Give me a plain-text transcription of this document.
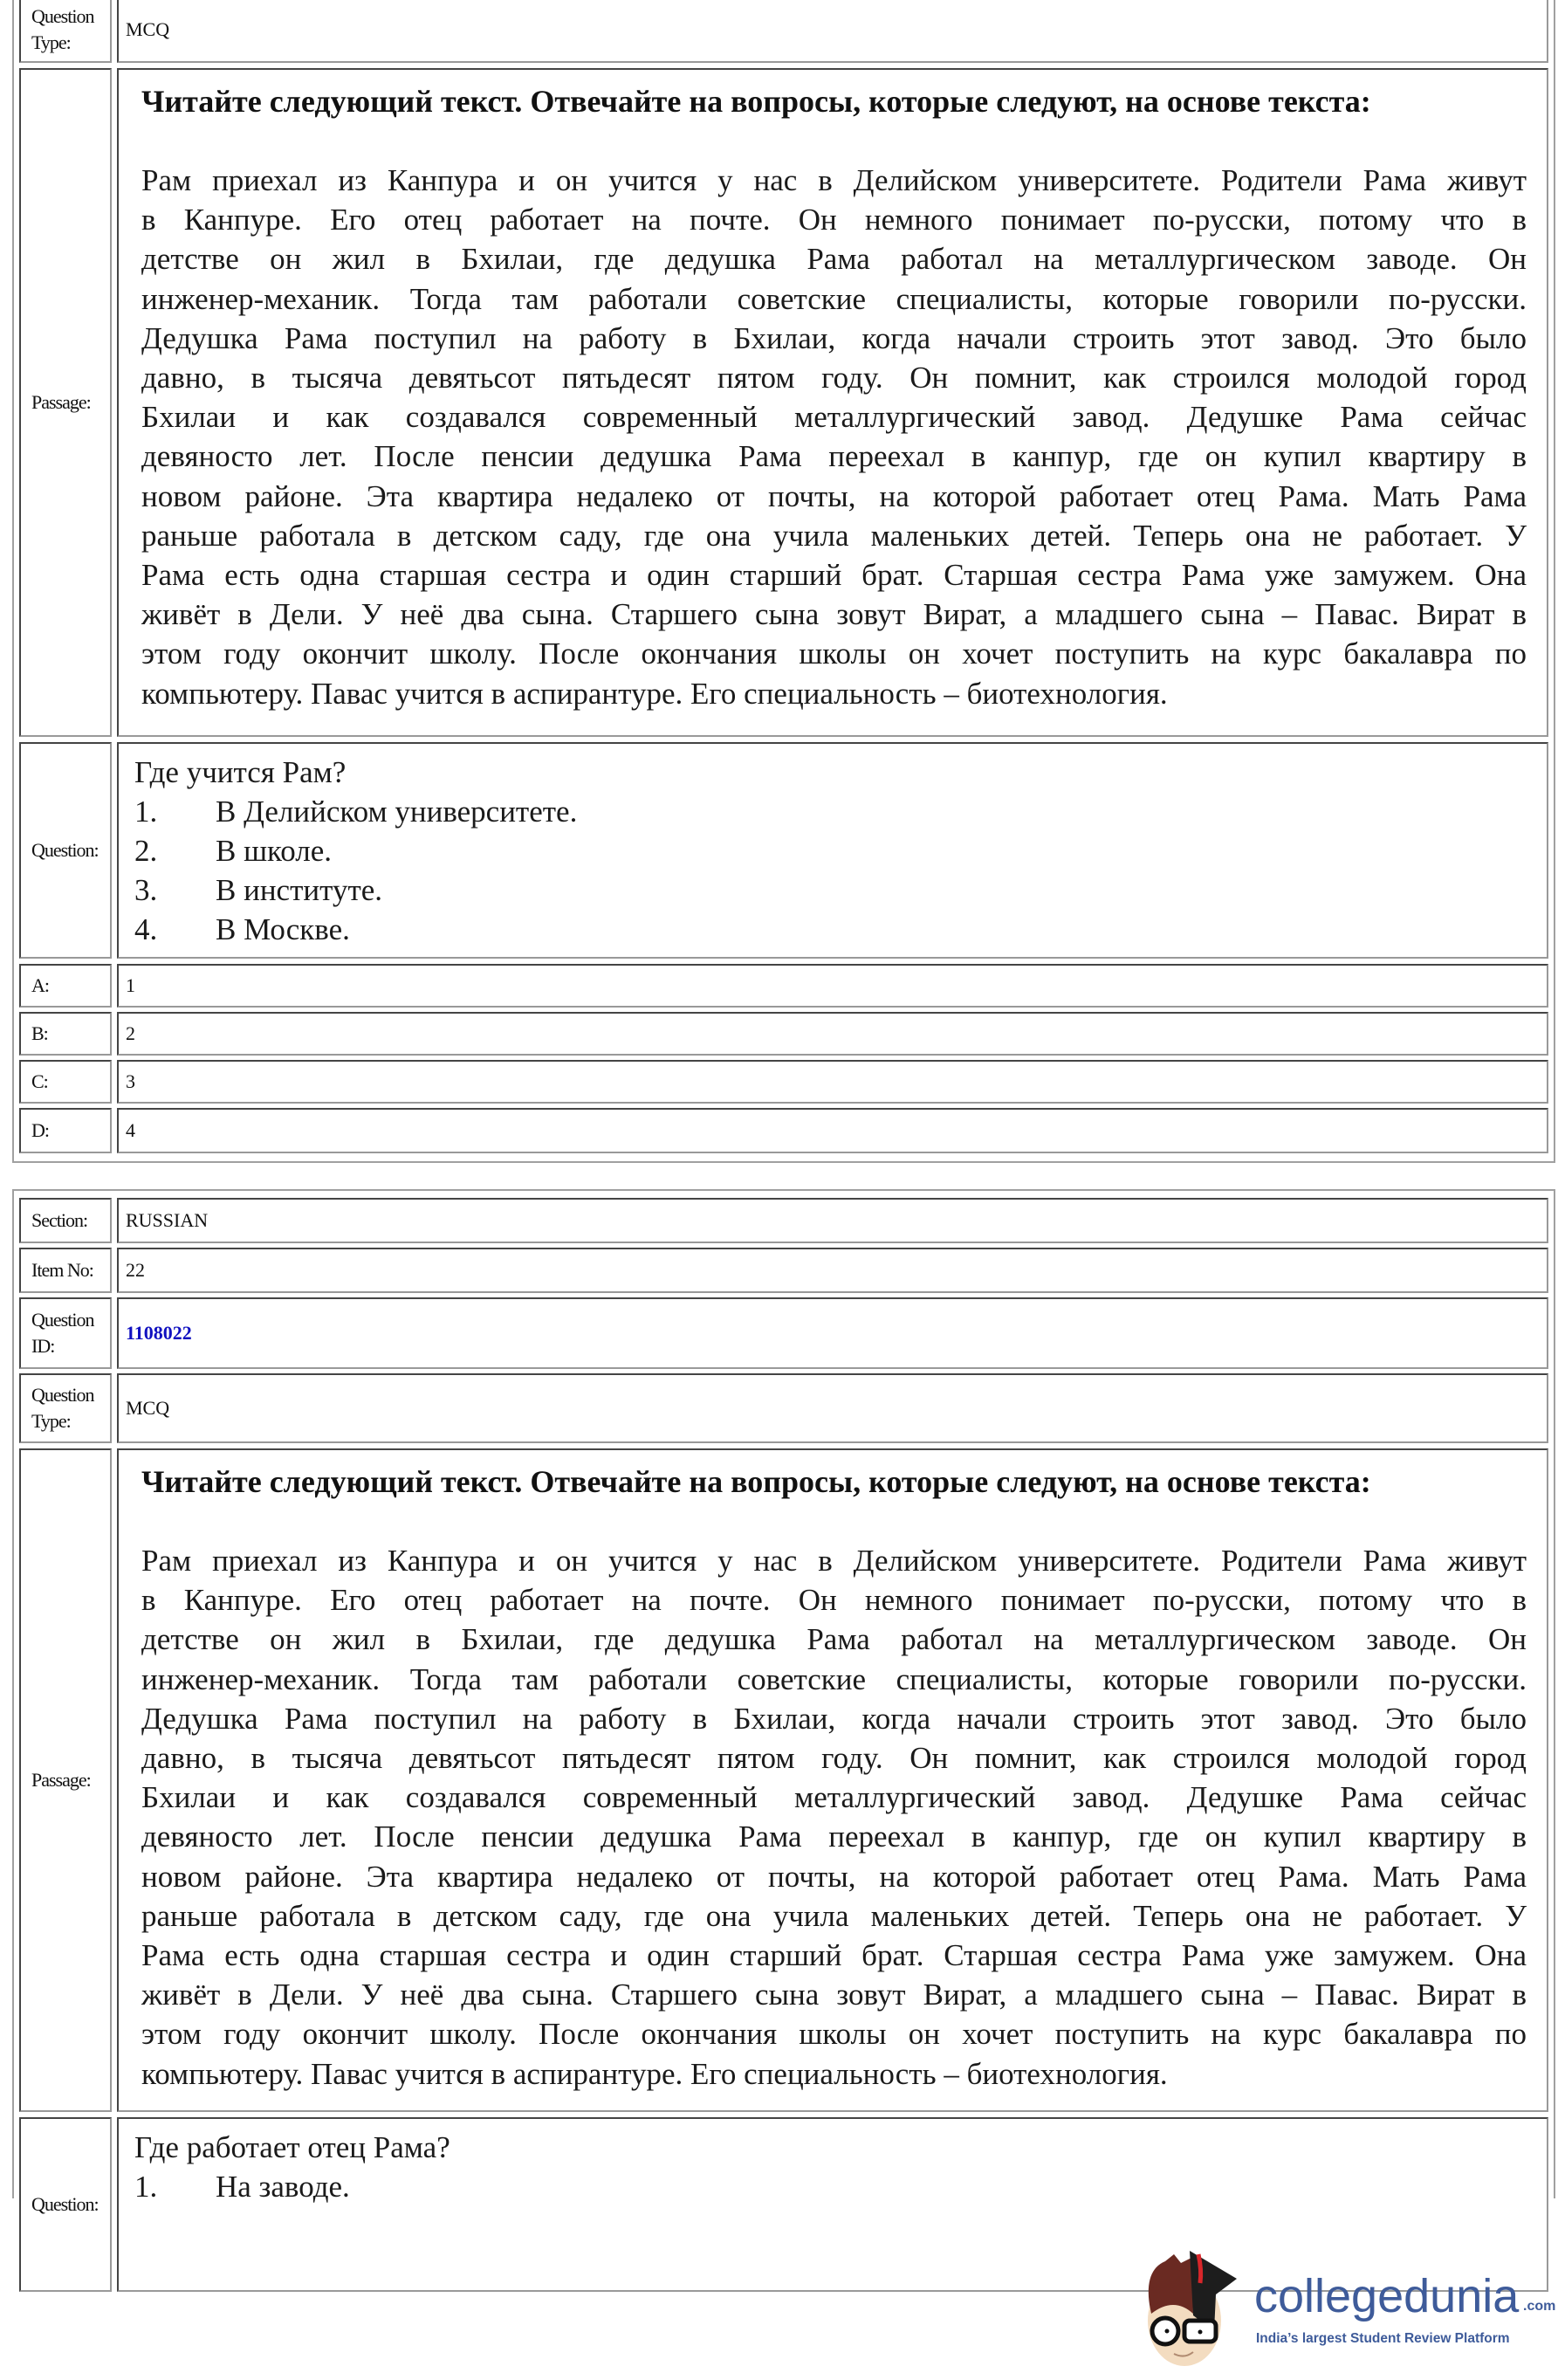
Question Type:
MCQ
Passage:
Читайте следующий текст. Отвечайте на вопросы, которые следуют, на основе текста:
Рам приехал из Канпура и он учится у нас в Делийском университете. Родители Рама живут
в Канпуре. Его отец работает на почте. Он немного понимает по-русски, потому что в
детстве он жил в Бхилаи, где дедушка Рама работал на металлургическом заводе. Он
инженер-механик. Тогда там работали советские специалисты, которые говорили по-русски.
Дедушка Рама поступил на работу в Бхилаи, когда начали строить этот завод. Это было
давно, в тысяча девятьсот пятьдесят пятом году. Он помнит, как строился молодой город
Бхилаи и как создавался современный металлургический завод. Дедушке Рама сейчас
девяносто лет. После пенсии дедушка Рама переехал в канпур, где он купил квартиру в
новом районе. Эта квартира недалеко от почты, на которой работает отец Рама. Мать Рама
раньше работала в детском саду, где она учила маленьких детей. Теперь она не работает. У
Рама есть одна старшая сестра и один старший брат. Старшая сестра Рама уже замужем. Она
живёт в Дели. У неё два сына. Старшего сына зовут Вират, а младшего сына – Павас. Вират в
этом году окончит школу. После окончания школы он хочет поступить на курс бакалавра по
компьютеру. Павас учится в аспирантуре. Его специальность – биотехнология.
Question:
Где учится Рам?
1.	В Делийском университете.
2.	В школе.
3.	В институте.
4.	В Москве.
A:	1
B:	2
C:	3
D:	4
Section:	RUSSIAN
Item No:	22
Question ID:
1108022
Question Type:
MCQ
Passage:
Читайте следующий текст. Отвечайте на вопросы, которые следуют, на основе текста:
Рам приехал из Канпура и он учится у нас в Делийском университете. Родители Рама живут
в Канпуре. Его отец работает на почте. Он немного понимает по-русски, потому что в
детстве он жил в Бхилаи, где дедушка Рама работал на металлургическом заводе. Он
инженер-механик. Тогда там работали советские специалисты, которые говорили по-русски.
Дедушка Рама поступил на работу в Бхилаи, когда начали строить этот завод. Это было
давно, в тысяча девятьсот пятьдесят пятом году. Он помнит, как строился молодой город
Бхилаи и как создавался современный металлургический завод. Дедушке Рама сейчас
девяносто лет. После пенсии дедушка Рама переехал в канпур, где он купил квартиру в
новом районе. Эта квартира недалеко от почты, на которой работает отец Рама. Мать Рама
раньше работала в детском саду, где она учила маленьких детей. Теперь она не работает. У
Рама есть одна старшая сестра и один старший брат. Старшая сестра Рама уже замужем. Она
живёт в Дели. У неё два сына. Старшего сына зовут Вират, а младшего сына – Павас. Вират в
этом году окончит школу. После окончания школы он хочет поступить на курс бакалавра по
компьютеру. Павас учится в аспирантуре. Его специальность – биотехнология.
Question:
Где работает отец Рама?
1.	На заводе.
collegedunia .com
India’s largest Student Review Platform
